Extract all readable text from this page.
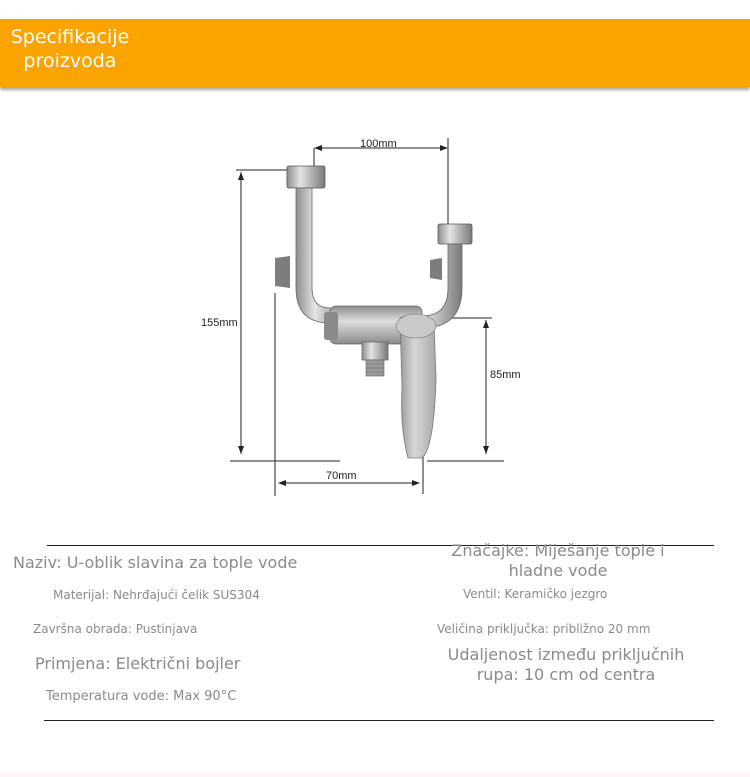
Specifikacije
proizvoda
100mm
155mm
85mm
70mm
Naziv: U-oblik slavina za tople vode
Materijal: Nehrđajući čelik SUS304
Završna obrada: Pustinjava
Primjena: Električni bojler
Temperatura vode: Max 90°C
Značajke: Miješanje tople i hladne vode
Ventil: Keramičko jezgro
Veličina priključka: približno 20 mm
Udaljenost između priključnih rupa: 10 cm od centra
